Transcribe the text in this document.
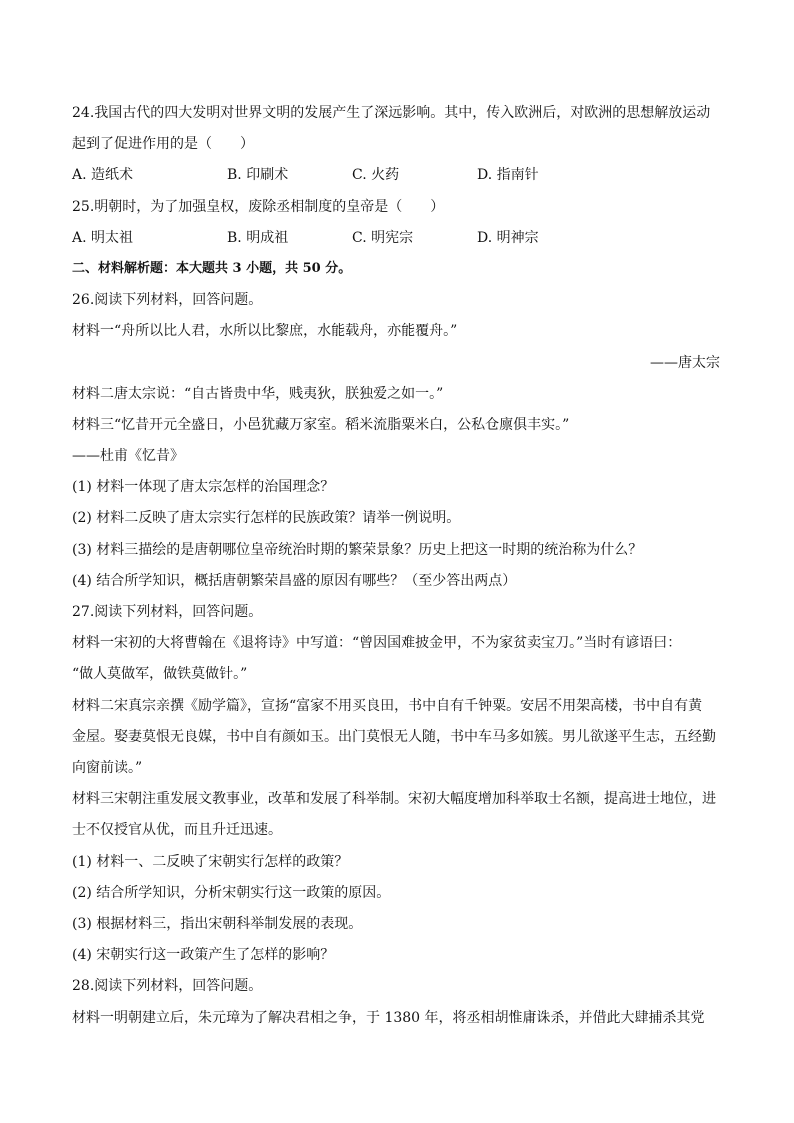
24.我国古代的四大发明对世界文明的发展产生了深远影响。其中，传入欧洲后，对欧洲的思想解放运动
起到了促进作用的是（　　）
A. 造纸术	B. 印刷术	C. 火药	D. 指南针
25.明朝时，为了加强皇权，废除丞相制度的皇帝是（　　）
A. 明太祖	B. 明成祖	C. 明宪宗	D. 明神宗
二、材料解析题：本大题共 3 小题，共 50 分。
26.阅读下列材料，回答问题。
材料一“舟所以比人君，水所以比黎庶，水能载舟，亦能覆舟。”
——唐太宗
材料二唐太宗说：“自古皆贵中华，贱夷狄，朕独爱之如一。”
材料三“忆昔开元全盛日，小邑犹藏万家室。稻米流脂粟米白，公私仓廪俱丰实。”
——杜甫《忆昔》
(1) 材料一体现了唐太宗怎样的治国理念？
(2) 材料二反映了唐太宗实行怎样的民族政策？请举一例说明。
(3) 材料三描绘的是唐朝哪位皇帝统治时期的繁荣景象？历史上把这一时期的统治称为什么？
(4) 结合所学知识，概括唐朝繁荣昌盛的原因有哪些？（至少答出两点）
27.阅读下列材料，回答问题。
材料一宋初的大将曹翰在《退将诗》中写道：“曾因国难披金甲，不为家贫卖宝刀。”当时有谚语曰：
“做人莫做军，做铁莫做针。”
材料二宋真宗亲撰《励学篇》，宣扬“富家不用买良田，书中自有千钟粟。安居不用架高楼，书中自有黄
金屋。娶妻莫恨无良媒，书中自有颜如玉。出门莫恨无人随，书中车马多如簇。男儿欲遂平生志，五经勤
向窗前读。”
材料三宋朝注重发展文教事业，改革和发展了科举制。宋初大幅度增加科举取士名额，提高进士地位，进
士不仅授官从优，而且升迁迅速。
(1) 材料一、二反映了宋朝实行怎样的政策？
(2) 结合所学知识，分析宋朝实行这一政策的原因。
(3) 根据材料三，指出宋朝科举制发展的表现。
(4) 宋朝实行这一政策产生了怎样的影响？
28.阅读下列材料，回答问题。
材料一明朝建立后，朱元璋为了解决君相之争，于 1380 年，将丞相胡惟庸诛杀，并借此大肆捕杀其党
